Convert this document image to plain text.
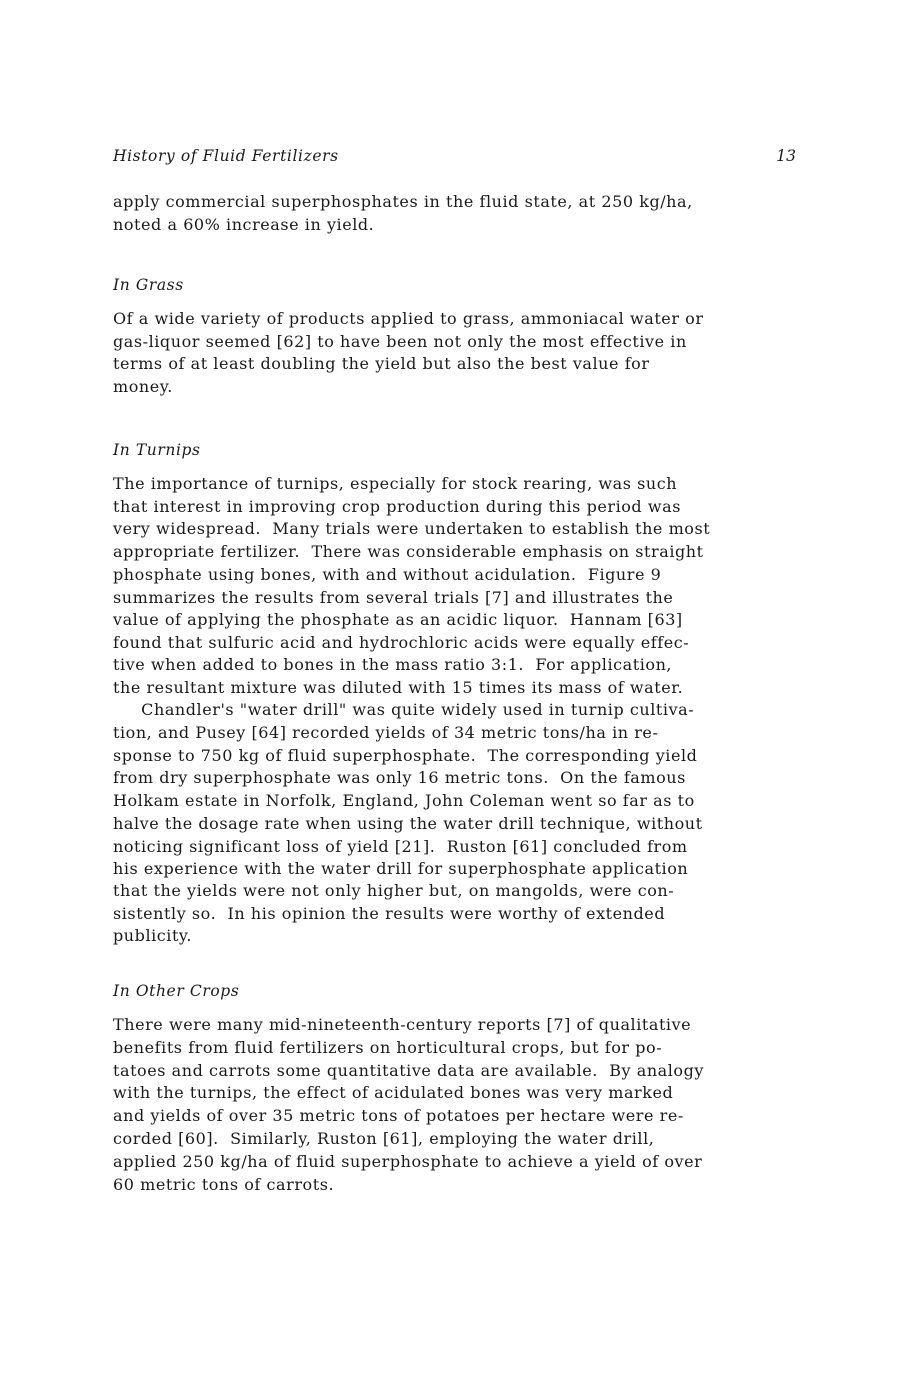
History of Fluid Fertilizers	13
apply commercial superphosphates in the fluid state, at 250 kg/ha,
noted a 60% increase in yield.
In Grass
Of a wide variety of products applied to grass, ammoniacal water or
gas-liquor seemed [62] to have been not only the most effective in
terms of at least doubling the yield but also the best value for
money.
In Turnips
The importance of turnips, especially for stock rearing, was such
that interest in improving crop production during this period was
very widespread.  Many trials were undertaken to establish the most
appropriate fertilizer.  There was considerable emphasis on straight
phosphate using bones, with and without acidulation.  Figure 9
summarizes the results from several trials [7] and illustrates the
value of applying the phosphate as an acidic liquor.  Hannam [63]
found that sulfuric acid and hydrochloric acids were equally effec-
tive when added to bones in the mass ratio 3:1.  For application,
the resultant mixture was diluted with 15 times its mass of water.
Chandler's "water drill" was quite widely used in turnip cultiva-
tion, and Pusey [64] recorded yields of 34 metric tons/ha in re-
sponse to 750 kg of fluid superphosphate.  The corresponding yield
from dry superphosphate was only 16 metric tons.  On the famous
Holkam estate in Norfolk, England, John Coleman went so far as to
halve the dosage rate when using the water drill technique, without
noticing significant loss of yield [21].  Ruston [61] concluded from
his experience with the water drill for superphosphate application
that the yields were not only higher but, on mangolds, were con-
sistently so.  In his opinion the results were worthy of extended
publicity.
In Other Crops
There were many mid-nineteenth-century reports [7] of qualitative
benefits from fluid fertilizers on horticultural crops, but for po-
tatoes and carrots some quantitative data are available.  By analogy
with the turnips, the effect of acidulated bones was very marked
and yields of over 35 metric tons of potatoes per hectare were re-
corded [60].  Similarly, Ruston [61], employing the water drill,
applied 250 kg/ha of fluid superphosphate to achieve a yield of over
60 metric tons of carrots.
